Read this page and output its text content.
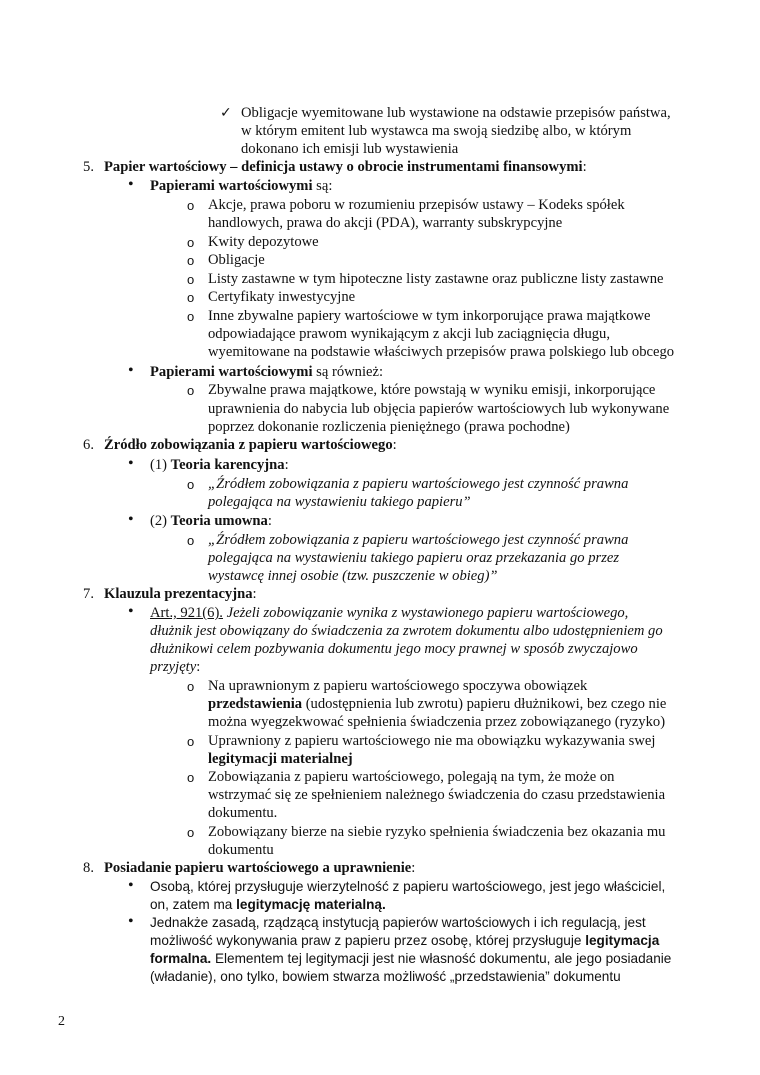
✓ Obligacje wyemitowane lub wystawione na odstawie przepisów państwa,
w którym emitent lub wystawca ma swoją siedzibę albo, w którym
dokonano ich emisji lub wystawienia
5. Papier wartościowy – definicja ustawy o obrocie instrumentami finansowymi:
• Papierami wartościowymi są:
o Akcje, prawa poboru w rozumieniu przepisów ustawy – Kodeks spółek
handlowych, prawa do akcji (PDA), warranty subskrypcyjne
o Kwity depozytowe
o Obligacje
o Listy zastawne w tym hipoteczne listy zastawne oraz publiczne listy zastawne
o Certyfikaty inwestycyjne
o Inne zbywalne papiery wartościowe w tym inkorporujące prawa majątkowe
odpowiadające prawom wynikającym z akcji lub zaciągnięcia długu,
wyemitowane na podstawie właściwych przepisów prawa polskiego lub obcego
• Papierami wartościowymi są również:
o Zbywalne prawa majątkowe, które powstają w wyniku emisji, inkorporujące
uprawnienia do nabycia lub objęcia papierów wartościowych lub wykonywane
poprzez dokonanie rozliczenia pieniężnego (prawa pochodne)
6. Źródło zobowiązania z papieru wartościowego:
• (1) Teoria karencyjna:
o „Źródłem zobowiązania z papieru wartościowego jest czynność prawna
polegająca na wystawieniu takiego papieru”
• (2) Teoria umowna:
o „Źródłem zobowiązania z papieru wartościowego jest czynność prawna
polegająca na wystawieniu takiego papieru oraz przekazania go przez
wystawcę innej osobie (tzw. puszczenie w obieg)”
7. Klauzula prezentacyjna:
• Art., 921(6). Jeżeli zobowiązanie wynika z wystawionego papieru wartościowego,
dłużnik jest obowiązany do świadczenia za zwrotem dokumentu albo udostępnieniem go
dłużnikowi celem pozbywania dokumentu jego mocy prawnej w sposób zwyczajowo
przyjęty:
o Na uprawnionym z papieru wartościowego spoczywa obowiązek
przedstawienia (udostępnienia lub zwrotu) papieru dłużnikowi, bez czego nie
można wyegzekwować spełnienia świadczenia przez zobowiązanego (ryzyko)
o Uprawniony z papieru wartościowego nie ma obowiązku wykazywania swej
legitymacji materialnej
o Zobowiązania z papieru wartościowego, polegają na tym, że może on
wstrzymać się ze spełnieniem należnego świadczenia do czasu przedstawienia
dokumentu.
o Zobowiązany bierze na siebie ryzyko spełnienia świadczenia bez okazania mu
dokumentu
8. Posiadanie papieru wartościowego a uprawnienie:
• Osobą, której przysługuje wierzytelność z papieru wartościowego, jest jego właściciel,
on, zatem ma legitymację materialną.
• Jednakże zasadą, rządzącą instytucją papierów wartościowych i ich regulacją, jest
możliwość wykonywania praw z papieru przez osobę, której przysługuje legitymacja
formalna. Elementem tej legitymacji jest nie własność dokumentu, ale jego posiadanie
(władanie), ono tylko, bowiem stwarza możliwość „przedstawienia” dokumentu
2
